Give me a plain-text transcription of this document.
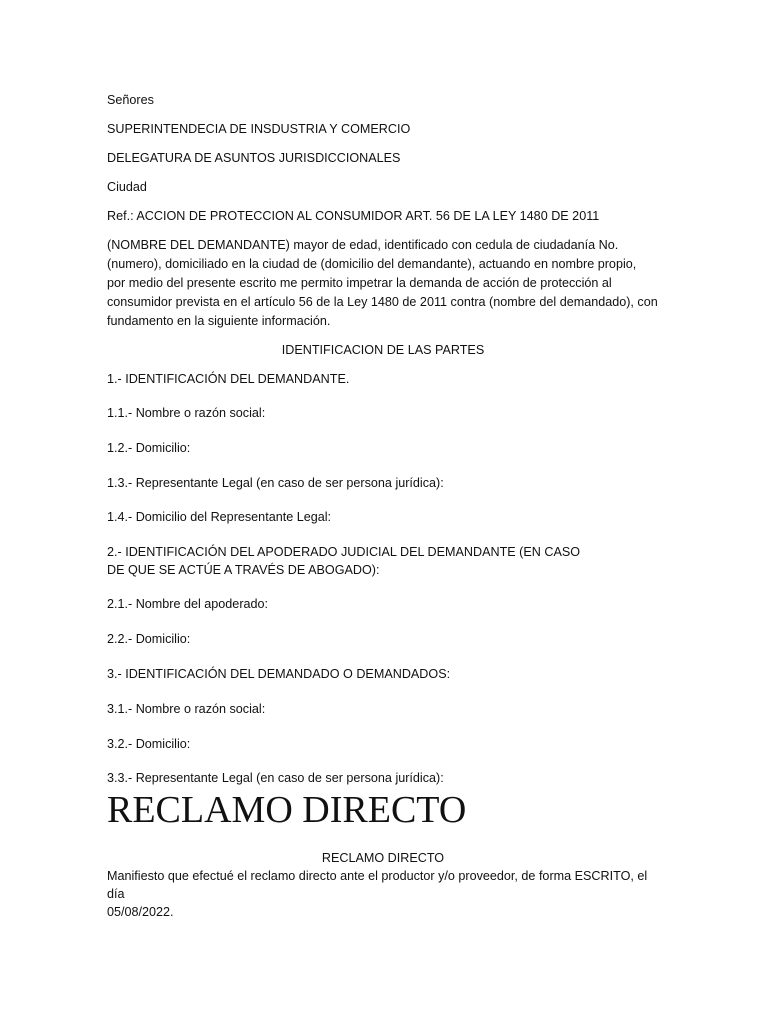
Señores
SUPERINTENDECIA DE INSDUSTRIA Y COMERCIO
DELEGATURA DE ASUNTOS JURISDICCIONALES
Ciudad
Ref.: ACCION DE PROTECCION AL CONSUMIDOR ART. 56 DE LA LEY 1480 DE 2011
(NOMBRE DEL DEMANDANTE) mayor de edad, identificado con cedula de ciudadanía No.
(numero), domiciliado en la ciudad de (domicilio del demandante), actuando en nombre propio,
por medio del presente escrito me permito impetrar la demanda de acción de protección al
consumidor prevista en el artículo 56 de la Ley 1480 de 2011 contra (nombre del demandado), con
fundamento en la siguiente información.
IDENTIFICACION DE LAS PARTES
1.- IDENTIFICACIÓN DEL DEMANDANTE.
1.1.- Nombre o razón social:
1.2.- Domicilio:
1.3.- Representante Legal (en caso de ser persona jurídica):
1.4.- Domicilio del Representante Legal:
2.- IDENTIFICACIÓN DEL APODERADO JUDICIAL DEL DEMANDANTE (EN CASO
DE QUE SE ACTÚE A TRAVÉS DE ABOGADO):
2.1.- Nombre del apoderado:
2.2.- Domicilio:
3.- IDENTIFICACIÓN DEL DEMANDADO O DEMANDADOS:
3.1.- Nombre o razón social:
3.2.- Domicilio:
3.3.- Representante Legal (en caso de ser persona jurídica):
RECLAMO DIRECTO
RECLAMO DIRECTO
Manifiesto que efectué el reclamo directo ante el productor y/o proveedor, de forma ESCRITO, el
día
05/08/2022.
